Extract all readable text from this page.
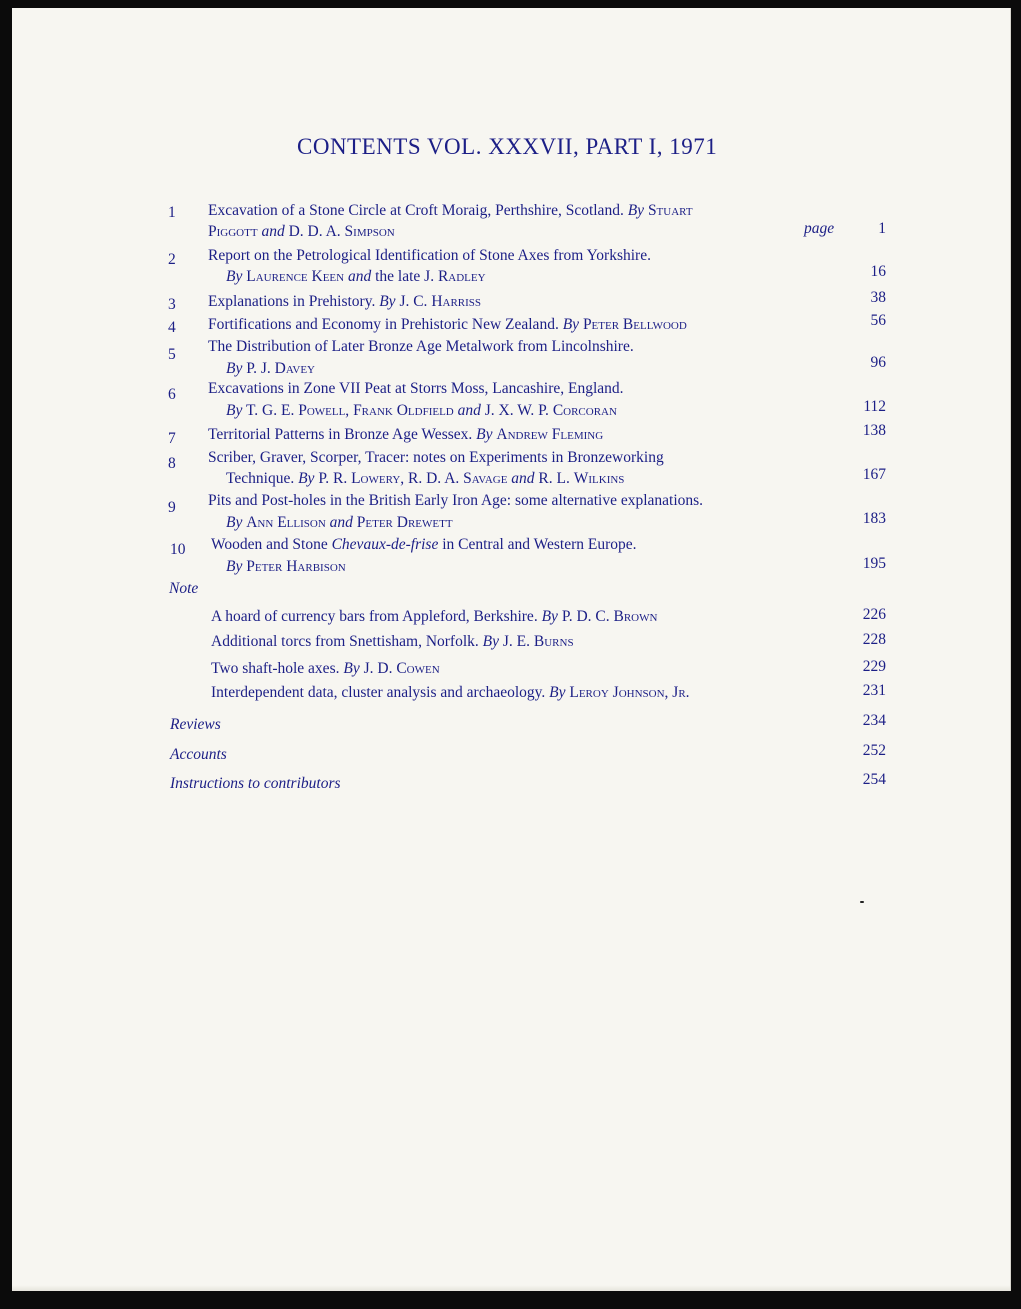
CONTENTS VOL. XXXVII, PART I, 1971
1 Excavation of a Stone Circle at Croft Moraig, Perthshire, Scotland. By Stuart
Piggott and D. D. A. Simpson	page	1
2 Report on the Petrological Identification of Stone Axes from Yorkshire.
By Laurence Keen and the late J. Radley	16
3 Explanations in Prehistory. By J. C. Harriss	38
4 Fortifications and Economy in Prehistoric New Zealand. By Peter Bellwood	56
5 The Distribution of Later Bronze Age Metalwork from Lincolnshire.
By P. J. Davey	96
6 Excavations in Zone VII Peat at Storrs Moss, Lancashire, England.
By T. G. E. Powell, Frank Oldfield and J. X. W. P. Corcoran	112
7 Territorial Patterns in Bronze Age Wessex. By Andrew Fleming	138
8 Scriber, Graver, Scorper, Tracer: notes on Experiments in Bronzeworking
Technique. By P. R. Lowery, R. D. A. Savage and R. L. Wilkins	167
9 Pits and Post-holes in the British Early Iron Age: some alternative explanations.
By Ann Ellison and Peter Drewett	183
10 Wooden and Stone Chevaux-de-frise in Central and Western Europe.
By Peter Harbison	195
Note
A hoard of currency bars from Appleford, Berkshire. By P. D. C. Brown	226
Additional torcs from Snettisham, Norfolk. By J. E. Burns	228
Two shaft-hole axes. By J. D. Cowen	229
Interdependent data, cluster analysis and archaeology. By Leroy Johnson, Jr.	231
Reviews	234
Accounts	252
Instructions to contributors	254
